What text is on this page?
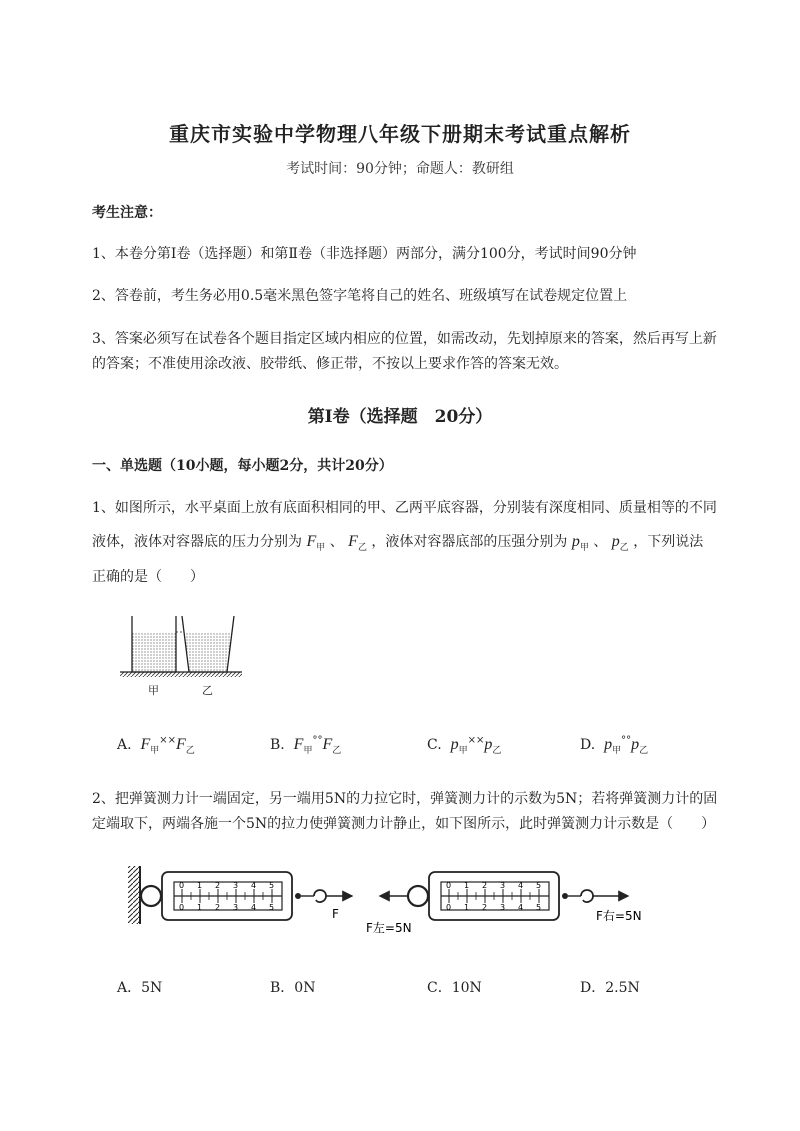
重庆市实验中学物理八年级下册期末考试重点解析
考试时间：90分钟；命题人：教研组
考生注意：
1、本卷分第I卷（选择题）和第Ⅱ卷（非选择题）两部分，满分100分，考试时间90分钟
2、答卷前，考生务必用0.5毫米黑色签字笔将自己的姓名、班级填写在试卷规定位置上
3、答案必须写在试卷各个题目指定区域内相应的位置，如需改动，先划掉原来的答案，然后再写上新
的答案；不准使用涂改液、胶带纸、修正带，不按以上要求作答的答案无效。
第I卷（选择题　20分）
一、单选题（10小题，每小题2分，共计20分）
1、如图所示，水平桌面上放有底面积相同的甲、乙两平底容器，分别装有深度相同、质量相等的不同
液体，液体对容器底的压力分别为 $F_甲$ 、 $F_乙$ ，液体对容器底部的压强分别为 $p_甲$ 、 $p_乙$ ，下列说法
正确的是（　　）
甲	乙
A. $F_甲^{\times\times}F_乙$	B. $F_甲^{^\circ^\circ}F_乙$	C. $p_甲^{\times\times}p_乙$	D. $p_甲^{^\circ^\circ}p_乙$
2、把弹簧测力计一端固定，另一端用5N的力拉它时，弹簧测力计的示数为5N；若将弹簧测力计的固
定端取下，两端各施一个5N的拉力使弹簧测力计静止，如下图所示，此时弹簧测力计示数是（　　）
0 1 2 3 4 5
0 1 2 3 4 5	F
F左=5N
0 1 2 3 4 5
0 1 2 3 4 5
F右=5N
A．5N	B．0N	C．10N	D．2.5N
